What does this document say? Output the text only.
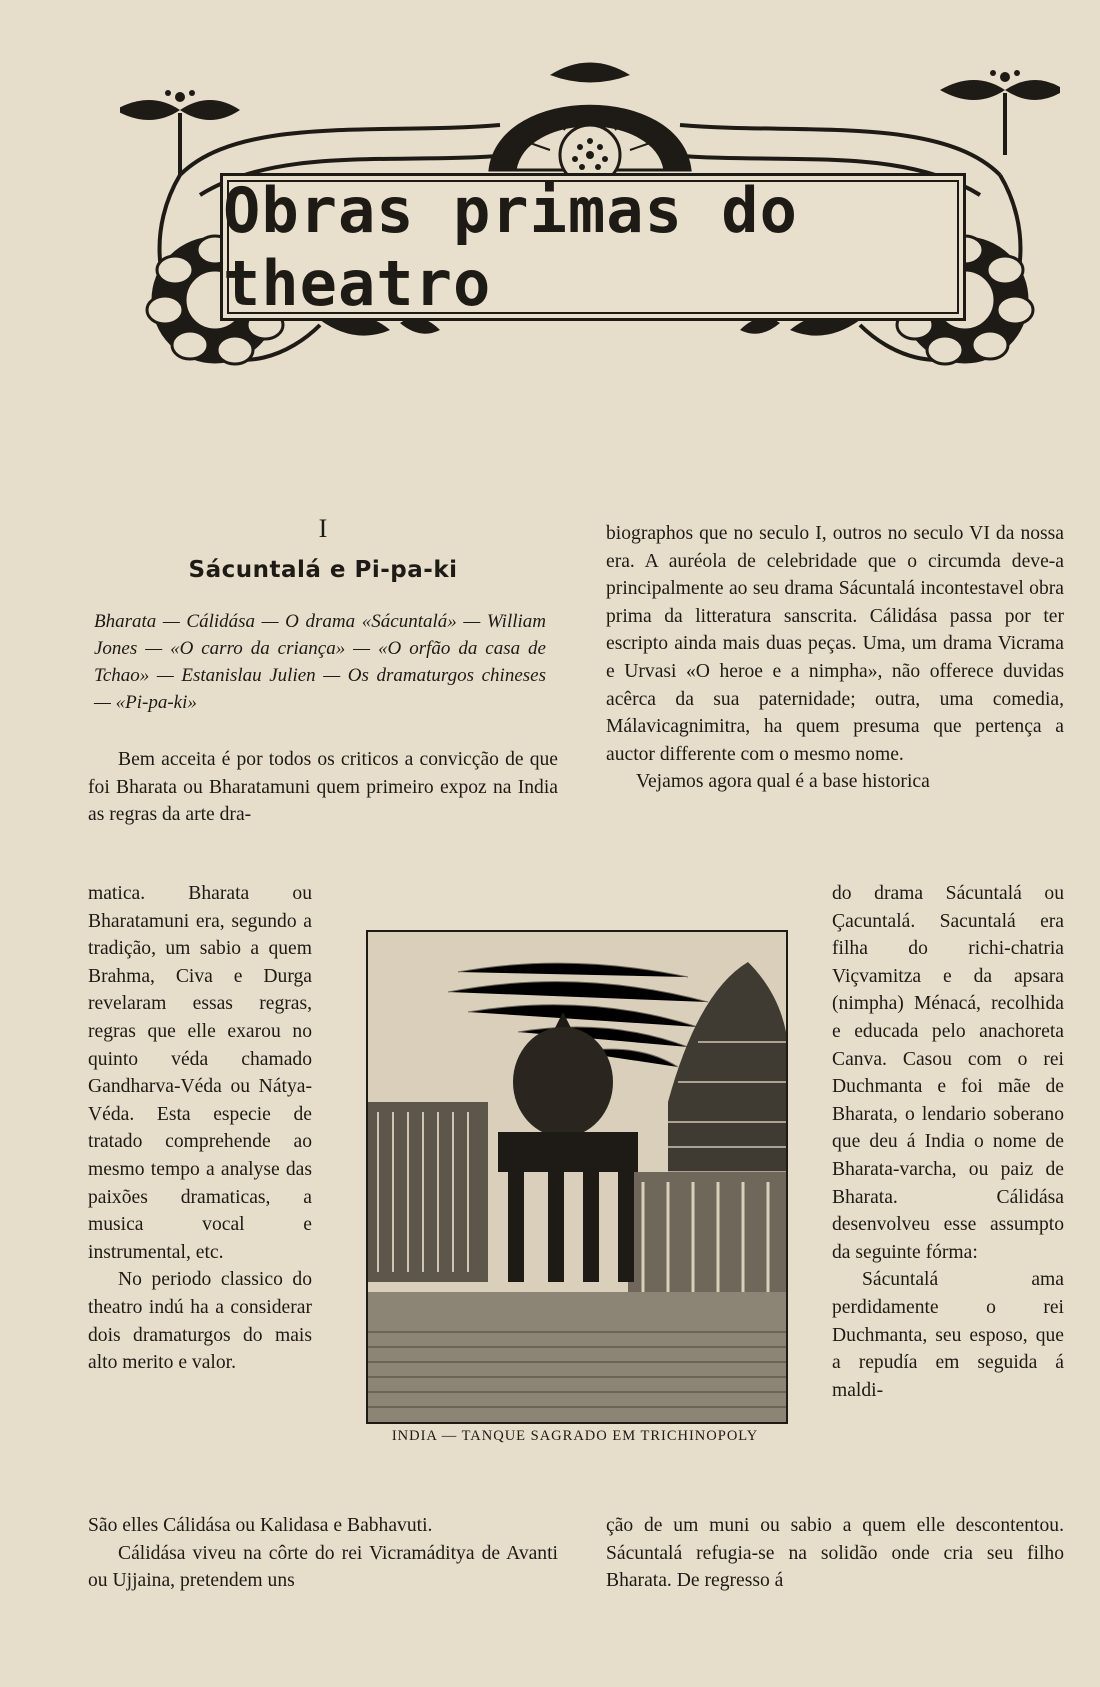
Obras primas do theatro

I

Sácuntalá e Pi-pa-ki

Bharata — Cálidása — O drama «Sácuntalá» — William Jones — «O carro da criança» — «O orfão da casa de Tchao» — Estanislau Julien — Os dramaturgos chineses — «Pi-pa-ki»

Bem acceita é por todos os criticos a convicção de que foi Bharata ou Bharatamuni quem primeiro expoz na India as regras da arte dra-

matica. Bharata ou Bharatamuni era, segundo a tradição, um sabio a quem Brahma, Civa e Durga revelaram essas regras, regras que elle exarou no quinto véda chamado Gandharva-Véda ou Nátya-Véda. Esta especie de tratado comprehende ao mesmo tempo a analyse das paixões dramaticas, a musica vocal e instrumental, etc.

No periodo classico do theatro indú ha a considerar dois dramaturgos do mais alto merito e valor.

São elles Cálidása ou Kalidasa e Babhavuti.

Cálidása viveu na côrte do rei Vicramáditya de Avanti ou Ujjaina, pretendem uns

biographos que no seculo I, outros no seculo VI da nossa era. A auréola de celebridade que o circumda deve-a principalmente ao seu drama Sácuntalá incontestavel obra prima da litteratura sanscrita. Cálidása passa por ter escripto ainda mais duas peças. Uma, um drama Vicrama e Urvasi «O heroe e a nimpha», não offerece duvidas acêrca da sua paternidade; outra, uma comedia, Málavicagnimitra, ha quem presuma que pertença a auctor differente com o mesmo nome.

Vejamos agora qual é a base historica

do drama Sácuntalá ou Çacuntalá. Sacuntalá era filha do richi-chatria Viçvamitza e da apsara (nimpha) Ménacá, recolhida e educada pelo anachoreta Canva. Casou com o rei Duchmanta e foi mãe de Bharata, o lendario soberano que deu á India o nome de Bharata-varcha, ou paiz de Bharata. Cálidása desenvolveu esse assumpto da seguinte fórma:

Sácuntalá ama perdidamente o rei Duchmanta, seu esposo, que a repudía em seguida á maldi-

ção de um muni ou sabio a quem elle descontentou. Sácuntalá refugia-se na solidão onde cria seu filho Bharata. De regresso á

INDIA — TANQUE SAGRADO EM TRICHINOPOLY
